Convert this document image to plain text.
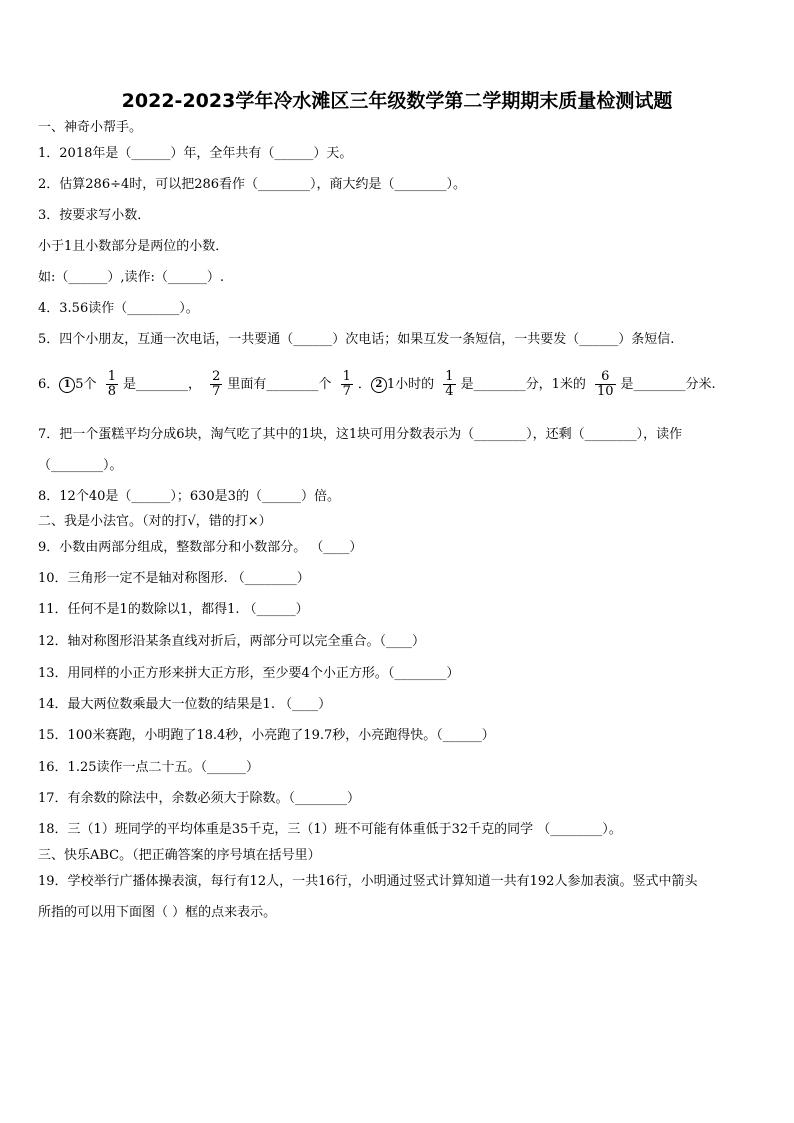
2022-2023学年冷水滩区三年级数学第二学期期末质量检测试题
一、神奇小帮手。
1．2018年是（______）年，全年共有（______）天。
2．估算286÷4时，可以把286看作（________），商大约是（________）。
3．按要求写小数．
小于1且小数部分是两位的小数．
如:（______）,读作:（______）.
4．3.56读作（________）。
5．四个小朋友，互通一次电话，一共要通（______）次电话；如果互发一条短信，一共要发（______）条短信.
6． 1 5个 $\frac{1}{8}$ 是________， $\frac{2}{7}$ 里面有________个 $\frac{1}{7}$ ． 2 1小时的 $\frac{1}{4}$ 是________分，1米的 $\frac{6}{10}$ 是________分米.
7．把一个蛋糕平均分成6块，淘气吃了其中的1块，这1块可用分数表示为（________），还剩（________），读作
（________）。
8．12个40是（______）；630是3的（______）倍。
二、我是小法官。（对的打√，错的打×）
9．小数由两部分组成，整数部分和小数部分。 （____）
10．三角形一定不是轴对称图形. （________）
11．任何不是1的数除以1，都得1. （______）
12．轴对称图形沿某条直线对折后，两部分可以完全重合。（____）
13．用同样的小正方形来拼大正方形，至少要4个小正方形。（________）
14．最大两位数乘最大一位数的结果是1. （____）
15．100米赛跑，小明跑了18.4秒，小亮跑了19.7秒，小亮跑得快。（______）
16．1.25读作一点二十五。（______）
17．有余数的除法中，余数必须大于除数。（________）
18．三（1）班同学的平均体重是35千克，三（1）班不可能有体重低于32千克的同学 （________）。
三、快乐ABC。（把正确答案的序号填在括号里）
19．学校举行广播体操表演，每行有12人，一共16行，小明通过竖式计算知道一共有192人参加表演。竖式中箭头
所指的可以用下面图（ ）框的点来表示。
